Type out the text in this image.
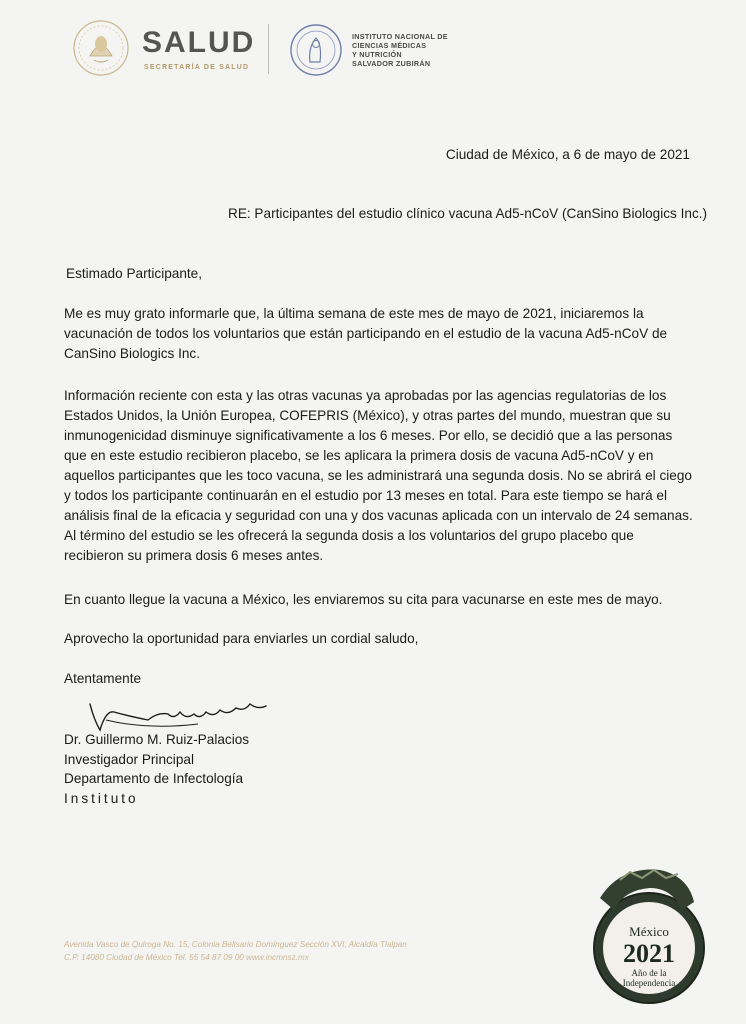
SALUD
SECRETARÍA DE SALUD
INSTITUTO NACIONAL DE
CIENCIAS MÉDICAS
Y NUTRICIÓN
SALVADOR ZUBIRÁN
Ciudad de México, a 6 de mayo de 2021
RE: Participantes del estudio clínico vacuna Ad5-nCoV (CanSino Biologics Inc.)
Estimado Participante,
Me es muy grato informarle que, la última semana de este mes de mayo de 2021, iniciaremos la
vacunación de todos los voluntarios que están participando en el estudio de la vacuna Ad5-nCoV de
CanSino Biologics Inc.
Información reciente con esta y las otras vacunas ya aprobadas por las agencias regulatorias de los
Estados Unidos, la Unión Europea, COFEPRIS (México), y otras partes del mundo, muestran que su
inmunogenicidad disminuye significativamente a los 6 meses. Por ello, se decidió que a las personas
que en este estudio recibieron placebo, se les aplicara la primera dosis de vacuna Ad5-nCoV y en
aquellos participantes que les toco vacuna, se les administrará una segunda dosis. No se abrirá el ciego
y todos los participante continuarán en el estudio por 13 meses en total. Para este tiempo se hará el
análisis final de la eficacia y seguridad con una y dos vacunas aplicada con un intervalo de 24 semanas.
Al término del estudio se les ofrecerá la segunda dosis a los voluntarios del grupo placebo que
recibieron su primera dosis 6 meses antes.
En cuanto llegue la vacuna a México, les enviaremos su cita para vacunarse en este mes de mayo.
Aprovecho la oportunidad para enviarles un cordial saludo,
Atentamente
Dr. Guillermo M. Ruiz-Palacios
Investigador Principal
Departamento de Infectología
Instituto
Avenida Vasco de Quiroga No. 15, Colonia Belisario Domínguez Sección XVI, Alcaldía Tlalpan
C.P. 14080 Ciudad de México Tel. 55 54 87 09 00 www.incmnsz.mx
México
2021
Año de la
Independencia
